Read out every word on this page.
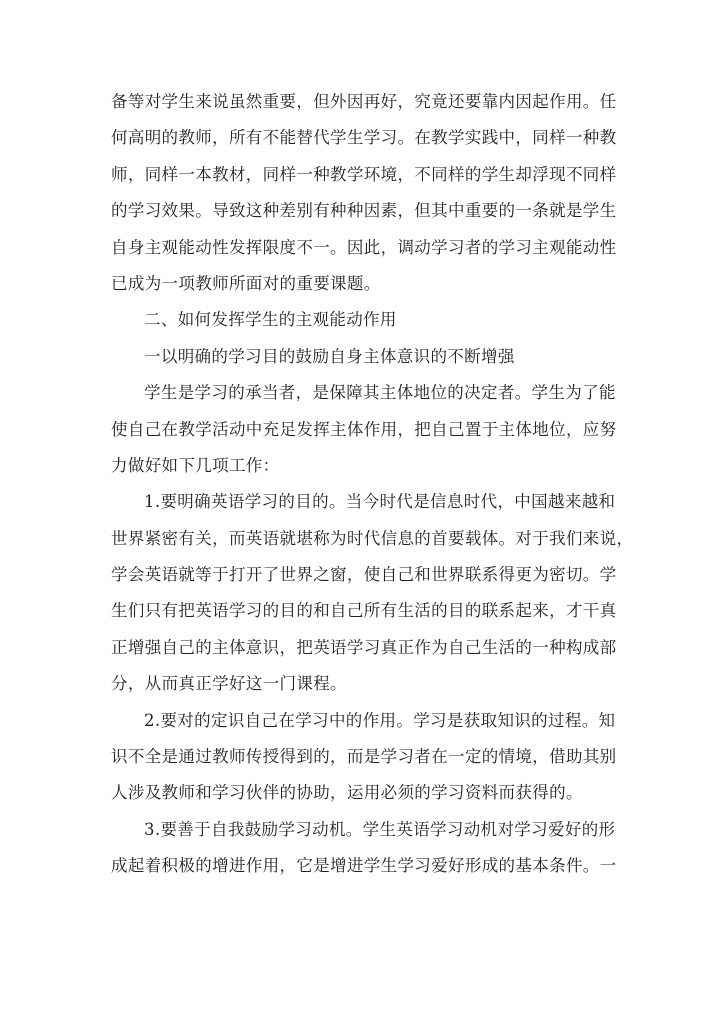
备等对学生来说虽然重要，但外因再好，究竟还要靠内因起作用。任
何高明的教师，所有不能替代学生学习。在教学实践中，同样一种教
师，同样一本教材，同样一种教学环境，不同样的学生却浮现不同样
的学习效果。导致这种差别有种种因素，但其中重要的一条就是学生
自身主观能动性发挥限度不一。因此，调动学习者的学习主观能动性
已成为一项教师所面对的重要课题。
二、如何发挥学生的主观能动作用
一以明确的学习目的鼓励自身主体意识的不断增强
学生是学习的承当者，是保障其主体地位的决定者。学生为了能
使自己在教学活动中充足发挥主体作用，把自己置于主体地位，应努
力做好如下几项工作：
1.要明确英语学习的目的。当今时代是信息时代，中国越来越和
世界紧密有关，而英语就堪称为时代信息的首要载体。对于我们来说，
学会英语就等于打开了世界之窗，使自己和世界联系得更为密切。学
生们只有把英语学习的目的和自己所有生活的目的联系起来，才干真
正增强自己的主体意识，把英语学习真正作为自己生活的一种构成部
分，从而真正学好这一门课程。
2.要对的定识自己在学习中的作用。学习是获取知识的过程。知
识不全是通过教师传授得到的，而是学习者在一定的情境，借助其别
人涉及教师和学习伙伴的协助，运用必须的学习资料而获得的。
3.要善于自我鼓励学习动机。学生英语学习动机对学习爱好的形
成起着积极的增进作用，它是增进学生学习爱好形成的基本条件。一
